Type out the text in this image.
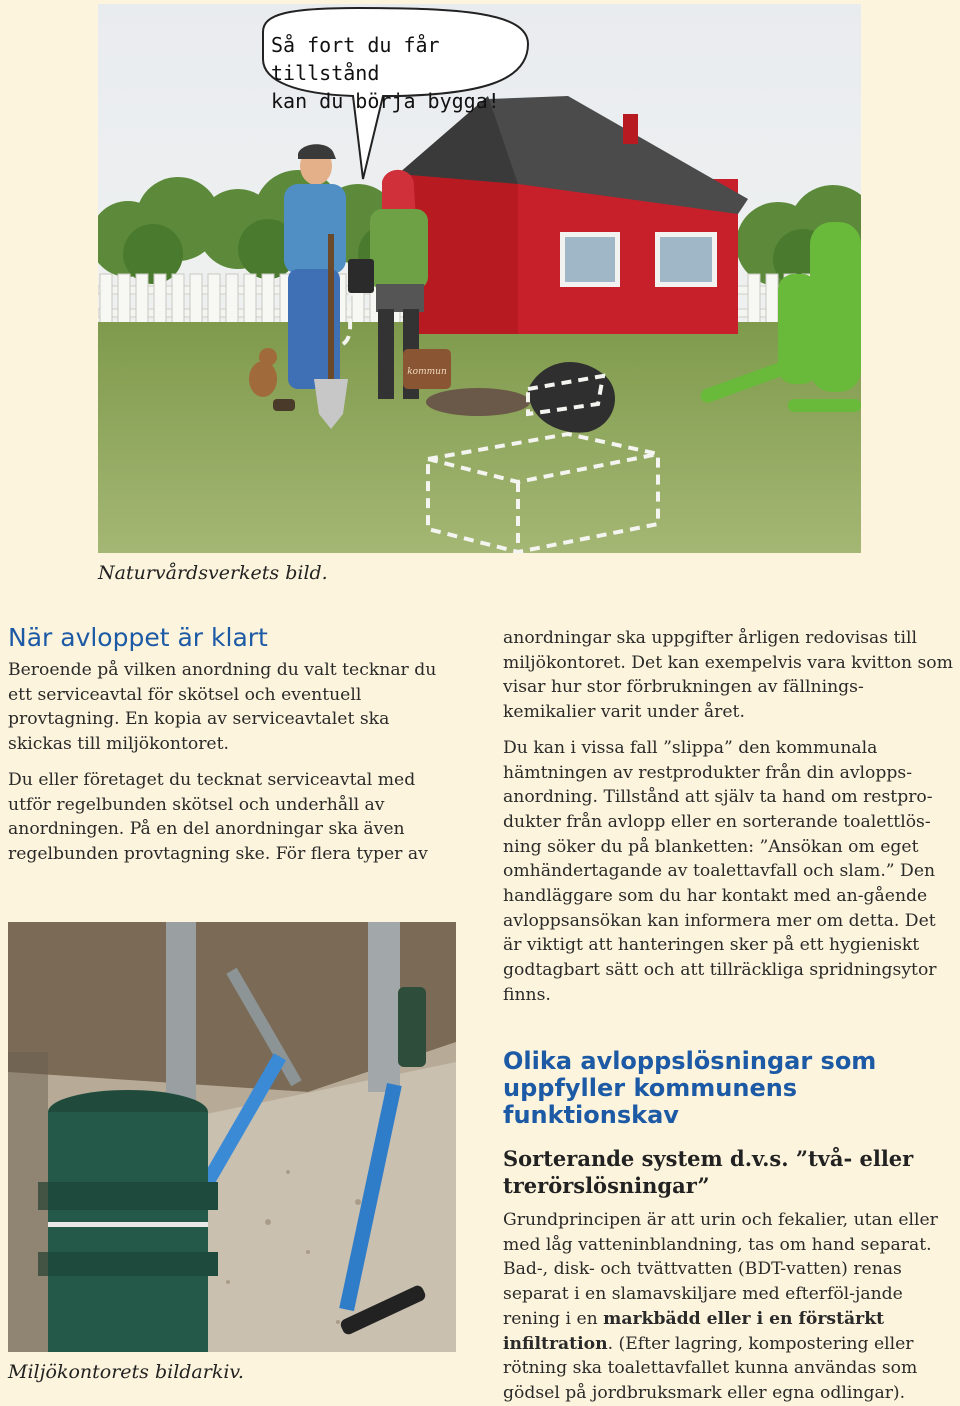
kommun
Så fort du får tillstånd
kan du börja bygga!
Naturvårdsverkets bild.
När avloppet är klart

Beroende på vilken anordning du valt tecknar du ett serviceavtal för skötsel och eventuell provtagning. En kopia av serviceavtalet ska skickas till miljökontoret.

Du eller företaget du tecknat serviceavtal med utför regelbunden skötsel och underhåll av anordningen. På en del anordningar ska även regelbunden provtagning ske. För flera typer av

Miljökontorets bildarkiv.

anordningar ska uppgifter årligen redovisas till miljökontoret. Det kan exempelvis vara kvitton som visar hur stor förbrukningen av fällnings-kemikalier varit under året.

Du kan i vissa fall ”slippa” den kommunala hämtningen av restprodukter från din avlopps-anordning. Tillstånd att själv ta hand om restpro-dukter från avlopp eller en sorterande toalettlös-ning söker du på blanketten: ”Ansökan om eget omhändertagande av toalettavfall och slam.” Den handläggare som du har kontakt med an-gående avloppsansökan kan informera mer om detta. Det är viktigt att hanteringen sker på ett hygieniskt godtagbart sätt och att tillräckliga spridningsytor finns.

Olika avloppslösningar som
uppfyller kommunens funktionskav
Sorterande system d.v.s. ”två- eller
trerörslösningar”

Grundprincipen är att urin och fekalier, utan eller med låg vatteninblandning, tas om hand separat. Bad-, disk- och tvättvatten (BDT-vatten) renas separat i en slamavskiljare med efterföl-jande rening i en markbädd eller i en förstärkt infiltration. (Efter lagring, kompostering eller rötning ska toalettavfallet kunna användas som gödsel på jordbruksmark eller egna odlingar).
